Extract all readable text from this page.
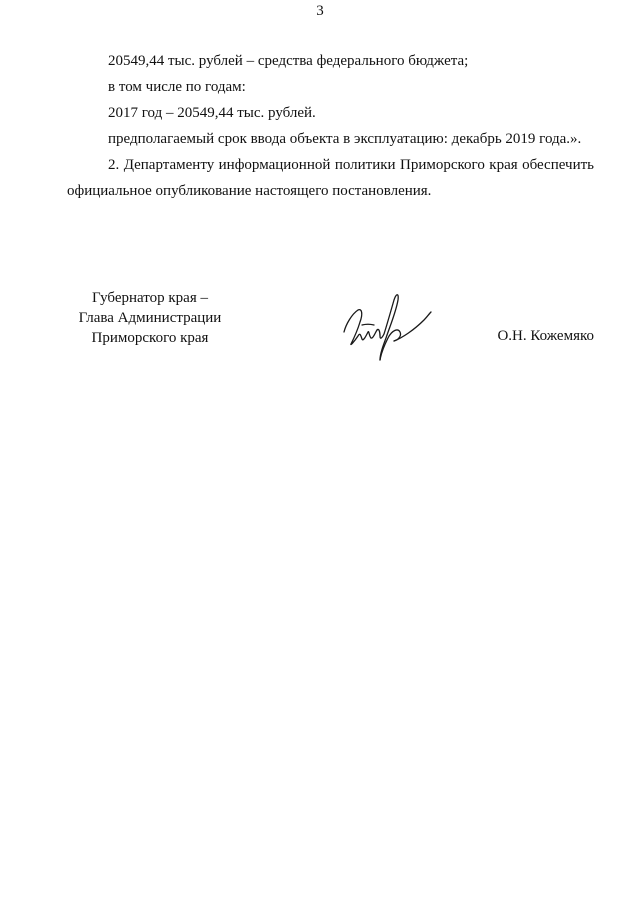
3

20549,44 тыс. рублей – средства федерального бюджета;

в том числе по годам:

2017 год – 20549,44 тыс. рублей.

предполагаемый срок ввода объекта в эксплуатацию: декабрь 2019 года.».

2. Департаменту информационной политики Приморского края обеспечить официальное опубликование настоящего постановления.

Губернатор края –
Глава Администрации
Приморского края	О.Н. Кожемяко
